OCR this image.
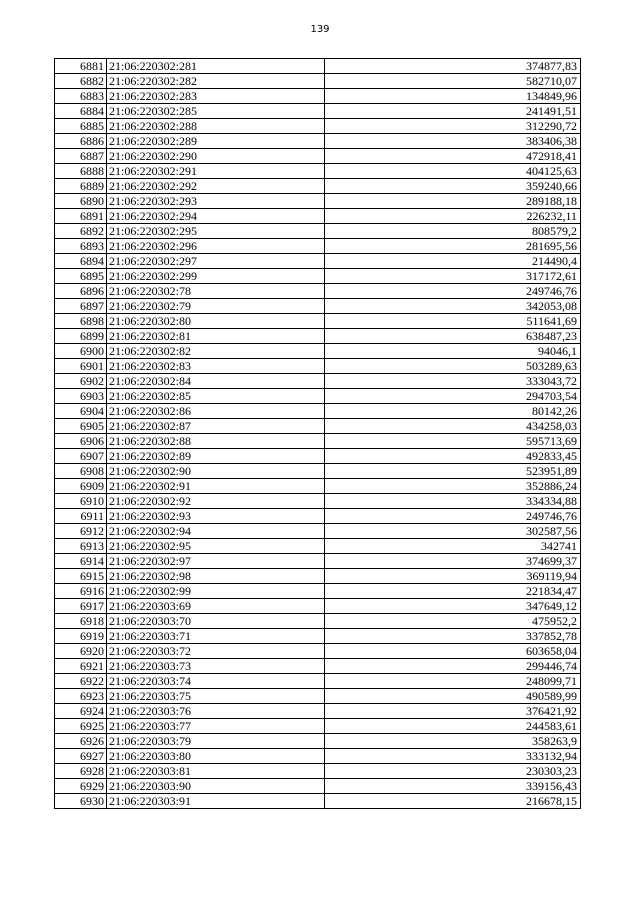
139
6881	21:06:220302:281	374877,83
6882	21:06:220302:282	582710,07
6883	21:06:220302:283	134849,96
6884	21:06:220302:285	241491,51
6885	21:06:220302:288	312290,72
6886	21:06:220302:289	383406,38
6887	21:06:220302:290	472918,41
6888	21:06:220302:291	404125,63
6889	21:06:220302:292	359240,66
6890	21:06:220302:293	289188,18
6891	21:06:220302:294	226232,11
6892	21:06:220302:295	808579,2
6893	21:06:220302:296	281695,56
6894	21:06:220302:297	214490,4
6895	21:06:220302:299	317172,61
6896	21:06:220302:78	249746,76
6897	21:06:220302:79	342053,08
6898	21:06:220302:80	511641,69
6899	21:06:220302:81	638487,23
6900	21:06:220302:82	94046,1
6901	21:06:220302:83	503289,63
6902	21:06:220302:84	333043,72
6903	21:06:220302:85	294703,54
6904	21:06:220302:86	80142,26
6905	21:06:220302:87	434258,03
6906	21:06:220302:88	595713,69
6907	21:06:220302:89	492833,45
6908	21:06:220302:90	523951,89
6909	21:06:220302:91	352886,24
6910	21:06:220302:92	334334,88
6911	21:06:220302:93	249746,76
6912	21:06:220302:94	302587,56
6913	21:06:220302:95	342741
6914	21:06:220302:97	374699,37
6915	21:06:220302:98	369119,94
6916	21:06:220302:99	221834,47
6917	21:06:220303:69	347649,12
6918	21:06:220303:70	475952,2
6919	21:06:220303:71	337852,78
6920	21:06:220303:72	603658,04
6921	21:06:220303:73	299446,74
6922	21:06:220303:74	248099,71
6923	21:06:220303:75	490589,99
6924	21:06:220303:76	376421,92
6925	21:06:220303:77	244583,61
6926	21:06:220303:79	358263,9
6927	21:06:220303:80	333132,94
6928	21:06:220303:81	230303,23
6929	21:06:220303:90	339156,43
6930	21:06:220303:91	216678,15
